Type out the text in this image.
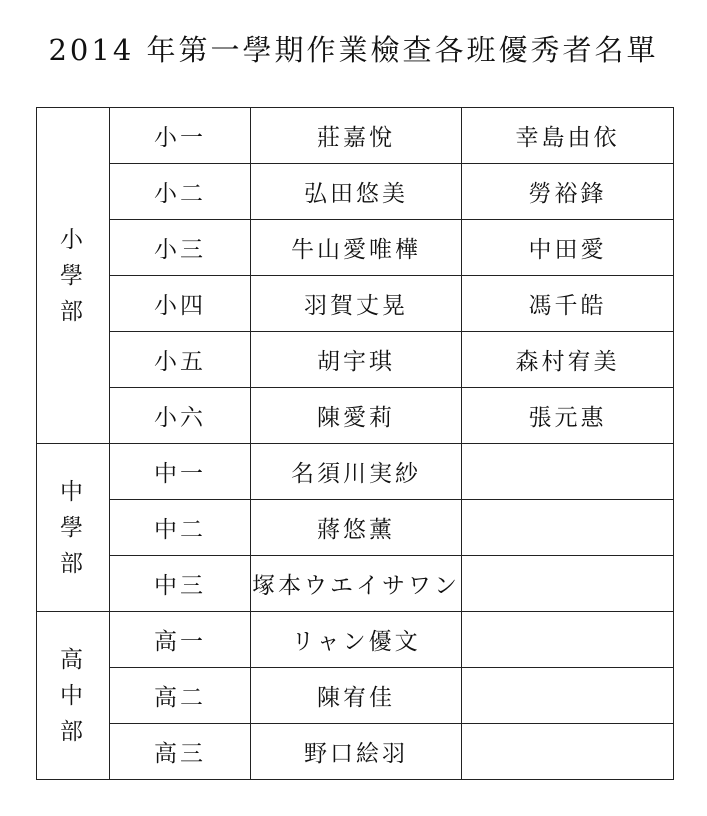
2014 年第一學期作業檢查各班優秀者名單
小學部	小一	莊嘉悅	幸島由依
	小二	弘田悠美	勞裕鋒
	小三	牛山愛唯樺	中田愛
	小四	羽賀丈晃	馮千皓
	小五	胡宇琪	森村宥美
	小六	陳愛莉	張元惠
中學部	中一	名須川実紗	
	中二	蔣悠薰	
	中三	塚本ウエイサワン	
高中部	高一	リャン優文	
	高二	陳宥佳	
	高三	野口絵羽	
